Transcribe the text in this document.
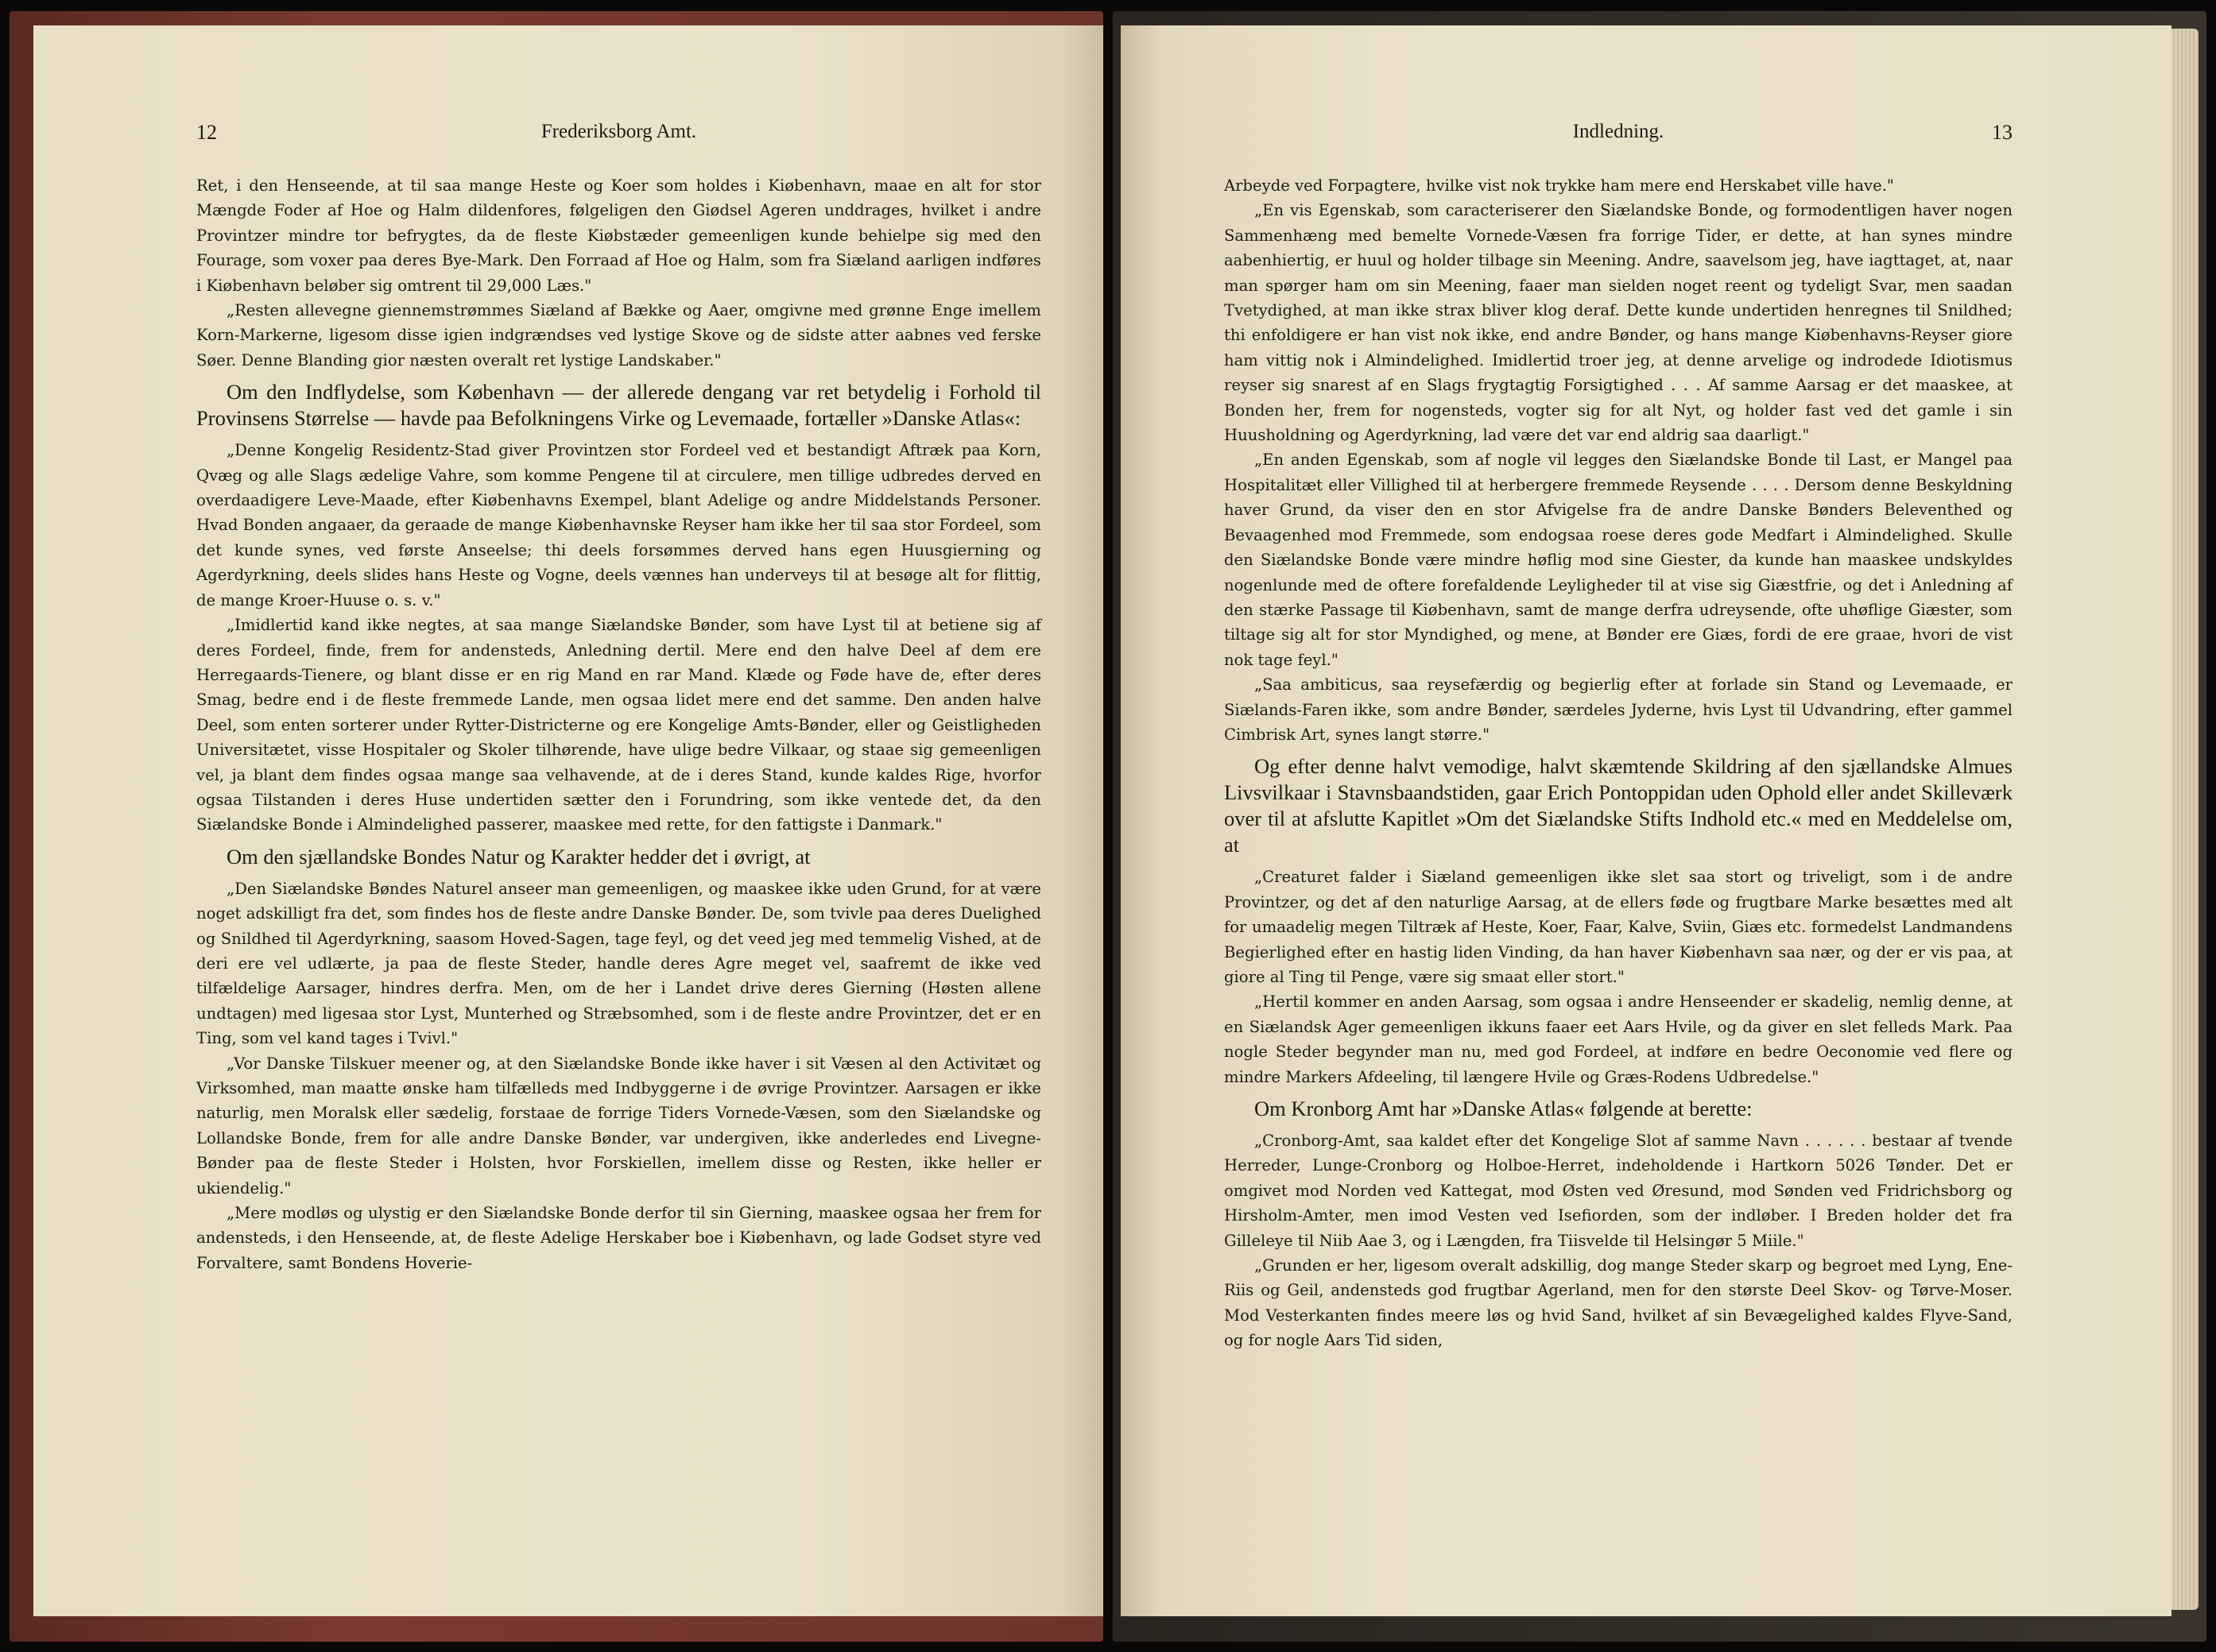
12	Frederiksborg Amt.

Ret, i den Henseende, at til saa mange Heste og Koer som holdes i Kiøbenhavn, maae en alt for stor Mængde Foder af Hoe og Halm dildenfores, følgeligen den Giødsel Ageren unddrages, hvilket i andre Provintzer mindre tor befrygtes, da de fleste Kiøbstæder gemeenligen kunde behielpe sig med den Fourage, som voxer paa deres Bye-Mark. Den Forraad af Hoe og Halm, som fra Siæland aarligen indføres i Kiøbenhavn beløber sig omtrent til 29,000 Læs."

„Resten allevegne giennemstrømmes Siæland af Bække og Aaer, omgivne med grønne Enge imellem Korn-Markerne, ligesom disse igien indgrændses ved lystige Skove og de sidste atter aabnes ved ferske Søer. Denne Blanding gior næsten overalt ret lystige Landskaber."

Om den Indflydelse, som København — der allerede dengang var ret betydelig i Forhold til Provinsens Størrelse — havde paa Befolkningens Virke og Levemaade, fortæller »Danske Atlas«:

„Denne Kongelig Residentz-Stad giver Provintzen stor Fordeel ved et bestandigt Aftræk paa Korn, Qvæg og alle Slags ædelige Vahre, som komme Pengene til at circulere, men tillige udbredes derved en overdaadigere Leve-Maade, efter Kiøbenhavns Exempel, blant Adelige og andre Middelstands Personer. Hvad Bonden angaaer, da geraade de mange Kiøbenhavnske Reyser ham ikke her til saa stor Fordeel, som det kunde synes, ved første Anseelse; thi deels forsømmes derved hans egen Huusgierning og Agerdyrkning, deels slides hans Heste og Vogne, deels vænnes han underveys til at besøge alt for flittig, de mange Kroer-Huuse o. s. v."

„Imidlertid kand ikke negtes, at saa mange Siælandske Bønder, som have Lyst til at betiene sig af deres Fordeel, finde, frem for andensteds, Anledning dertil. Mere end den halve Deel af dem ere Herregaards-Tienere, og blant disse er en rig Mand en rar Mand. Klæde og Føde have de, efter deres Smag, bedre end i de fleste fremmede Lande, men ogsaa lidet mere end det samme. Den anden halve Deel, som enten sorterer under Rytter-Districterne og ere Kongelige Amts-Bønder, eller og Geistligheden Universitætet, visse Hospitaler og Skoler tilhørende, have ulige bedre Vilkaar, og staae sig gemeenligen vel, ja blant dem findes ogsaa mange saa velhavende, at de i deres Stand, kunde kaldes Rige, hvorfor ogsaa Tilstanden i deres Huse undertiden sætter den i Forundring, som ikke ventede det, da den Siælandske Bonde i Almindelighed passerer, maaskee med rette, for den fattigste i Danmark."

Om den sjællandske Bondes Natur og Karakter hedder det i øvrigt, at

„Den Siælandske Bøndes Naturel anseer man gemeenligen, og maaskee ikke uden Grund, for at være noget adskilligt fra det, som findes hos de fleste andre Danske Bønder. De, som tvivle paa deres Duelighed og Snildhed til Agerdyrkning, saasom Hoved-Sagen, tage feyl, og det veed jeg med temmelig Vished, at de deri ere vel udlærte, ja paa de fleste Steder, handle deres Agre meget vel, saafremt de ikke ved tilfældelige Aarsager, hindres derfra. Men, om de her i Landet drive deres Gierning (Høsten allene undtagen) med ligesaa stor Lyst, Munterhed og Stræbsomhed, som i de fleste andre Provintzer, det er en Ting, som vel kand tages i Tvivl."

„Vor Danske Tilskuer meener og, at den Siælandske Bonde ikke haver i sit Væsen al den Activitæt og Virksomhed, man maatte ønske ham tilfælleds med Indbyggerne i de øvrige Provintzer. Aarsagen er ikke naturlig, men Moralsk eller sædelig, forstaae de forrige Tiders Vornede-Væsen, som den Siælandske og Lollandske Bonde, frem for alle andre Danske Bønder, var undergiven, ikke anderledes end Livegne-Bønder paa de fleste Steder i Holsten, hvor Forskiellen, imellem disse og Resten, ikke heller er ukiendelig."

„Mere modløs og ulystig er den Siælandske Bonde derfor til sin Gierning, maaskee ogsaa her frem for andensteds, i den Henseende, at, de fleste Adelige Herskaber boe i Kiøbenhavn, og lade Godset styre ved Forvaltere, samt Bondens Hoverie-

Indledning.	13

Arbeyde ved Forpagtere, hvilke vist nok trykke ham mere end Herskabet ville have."

„En vis Egenskab, som caracteriserer den Siælandske Bonde, og formodentligen haver nogen Sammenhæng med bemelte Vornede-Væsen fra forrige Tider, er dette, at han synes mindre aabenhiertig, er huul og holder tilbage sin Meening. Andre, saavelsom jeg, have iagttaget, at, naar man spørger ham om sin Meening, faaer man sielden noget reent og tydeligt Svar, men saadan Tvetydighed, at man ikke strax bliver klog deraf. Dette kunde undertiden henregnes til Snildhed; thi enfoldigere er han vist nok ikke, end andre Bønder, og hans mange Kiøbenhavns-Reyser giore ham vittig nok i Almindelighed. Imidlertid troer jeg, at denne arvelige og indrodede Idiotismus reyser sig snarest af en Slags frygtagtig Forsigtighed . . . Af samme Aarsag er det maaskee, at Bonden her, frem for nogensteds, vogter sig for alt Nyt, og holder fast ved det gamle i sin Huusholdning og Agerdyrkning, lad være det var end aldrig saa daarligt."

„En anden Egenskab, som af nogle vil legges den Siælandske Bonde til Last, er Mangel paa Hospitalitæt eller Villighed til at herbergere fremmede Reysende . . . . Dersom denne Beskyldning haver Grund, da viser den en stor Afvigelse fra de andre Danske Bønders Beleventhed og Bevaagenhed mod Fremmede, som endogsaa roese deres gode Medfart i Almindelighed. Skulle den Siælandske Bonde være mindre høflig mod sine Giester, da kunde han maaskee undskyldes nogenlunde med de oftere forefaldende Leyligheder til at vise sig Giæstfrie, og det i Anledning af den stærke Passage til Kiøbenhavn, samt de mange derfra udreysende, ofte uhøflige Giæster, som tiltage sig alt for stor Myndighed, og mene, at Bønder ere Giæs, fordi de ere graae, hvori de vist nok tage feyl."

„Saa ambiticus, saa reysefærdig og begierlig efter at forlade sin Stand og Levemaade, er Siælands-Faren ikke, som andre Bønder, særdeles Jyderne, hvis Lyst til Udvandring, efter gammel Cimbrisk Art, synes langt større."

Og efter denne halvt vemodige, halvt skæmtende Skildring af den sjællandske Almues Livsvilkaar i Stavnsbaandstiden, gaar Erich Pontoppidan uden Ophold eller andet Skilleværk over til at afslutte Kapitlet »Om det Siælandske Stifts Indhold etc.« med en Meddelelse om, at

„Creaturet falder i Siæland gemeenligen ikke slet saa stort og triveligt, som i de andre Provintzer, og det af den naturlige Aarsag, at de ellers føde og frugtbare Marke besættes med alt for umaadelig megen Tiltræk af Heste, Koer, Faar, Kalve, Sviin, Giæs etc. formedelst Landmandens Begierlighed efter en hastig liden Vinding, da han haver Kiøbenhavn saa nær, og der er vis paa, at giore al Ting til Penge, være sig smaat eller stort."

„Hertil kommer en anden Aarsag, som ogsaa i andre Henseender er skadelig, nemlig denne, at en Siælandsk Ager gemeenligen ikkuns faaer eet Aars Hvile, og da giver en slet felleds Mark. Paa nogle Steder begynder man nu, med god Fordeel, at indføre en bedre Oeconomie ved flere og mindre Markers Afdeeling, til længere Hvile og Græs-Rodens Udbredelse."

Om Kronborg Amt har »Danske Atlas« følgende at berette:

„Cronborg-Amt, saa kaldet efter det Kongelige Slot af samme Navn . . . . . . bestaar af tvende Herreder, Lunge-Cronborg og Holboe-Herret, indeholdende i Hartkorn 5026 Tønder. Det er omgivet mod Norden ved Kattegat, mod Østen ved Øresund, mod Sønden ved Fridrichsborg og Hirsholm-Amter, men imod Vesten ved Isefiorden, som der indløber. I Breden holder det fra Gilleleye til Niib Aae 3, og i Længden, fra Tiisvelde til Helsingør 5 Miile."

„Grunden er her, ligesom overalt adskillig, dog mange Steder skarp og begroet med Lyng, Ene-Riis og Geil, andensteds god frugtbar Agerland, men for den største Deel Skov- og Tørve-Moser. Mod Vesterkanten findes meere løs og hvid Sand, hvilket af sin Bevægelighed kaldes Flyve-Sand, og for nogle Aars Tid siden,
